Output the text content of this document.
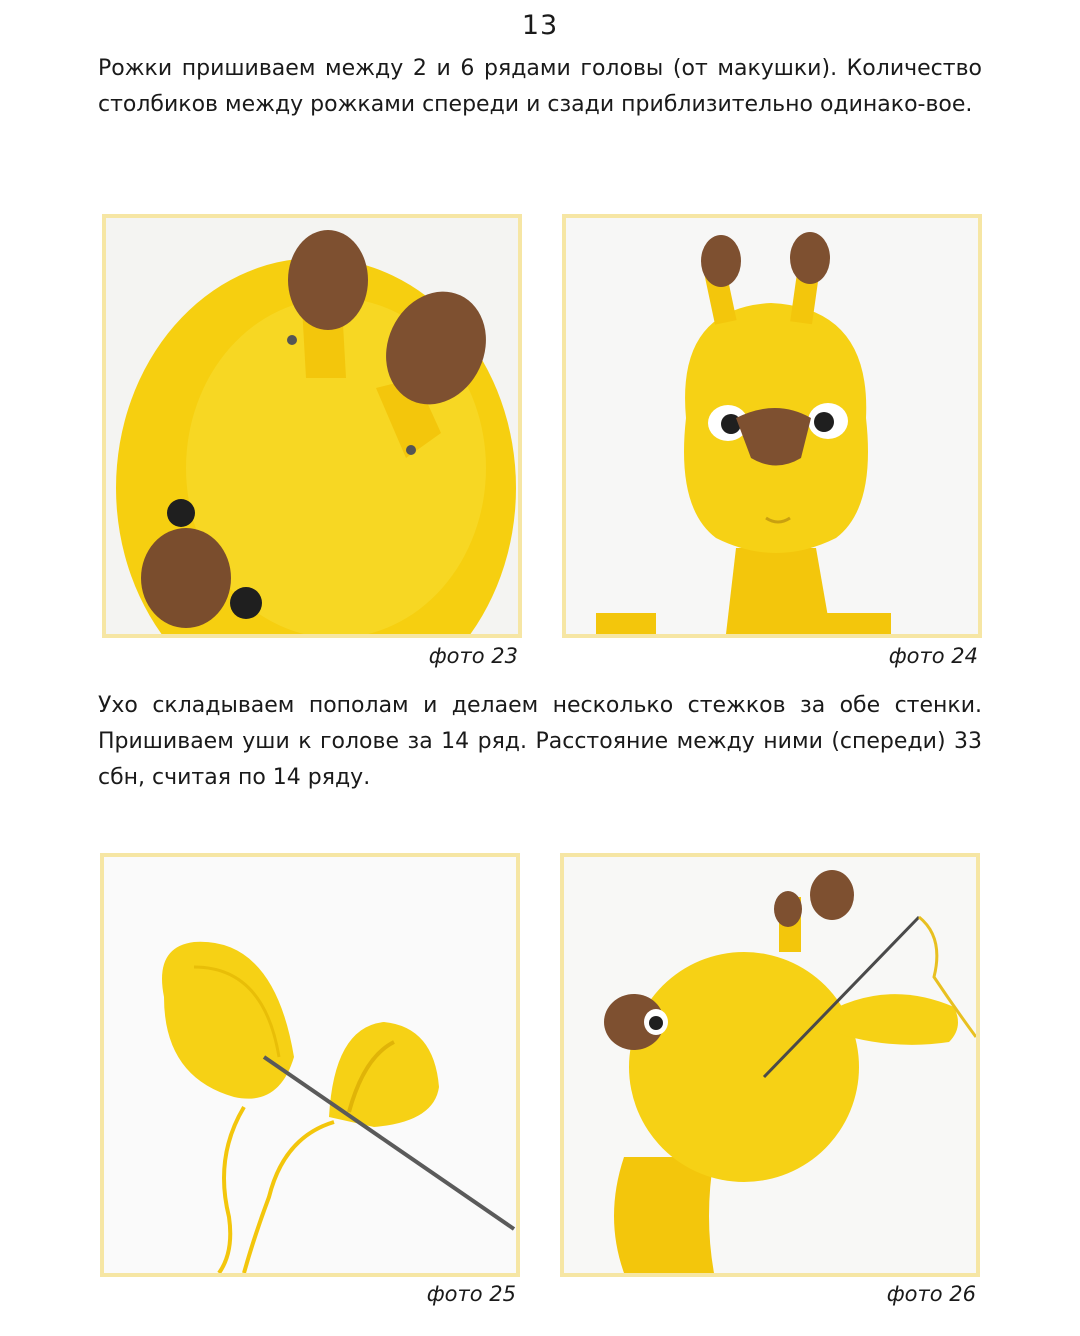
13

Рожки пришиваем между 2 и 6 рядами головы (от макушки). Количество столбиков между рожками спереди и сзади приблизительно одинако-вое.

фото 23	фото 24

Ухо складываем пополам и делаем несколько стежков за обе стенки. Пришиваем уши к голове за 14 ряд. Расстояние между ними (спереди) 33 сбн, считая по 14 ряду.

фото 25	фото 26
